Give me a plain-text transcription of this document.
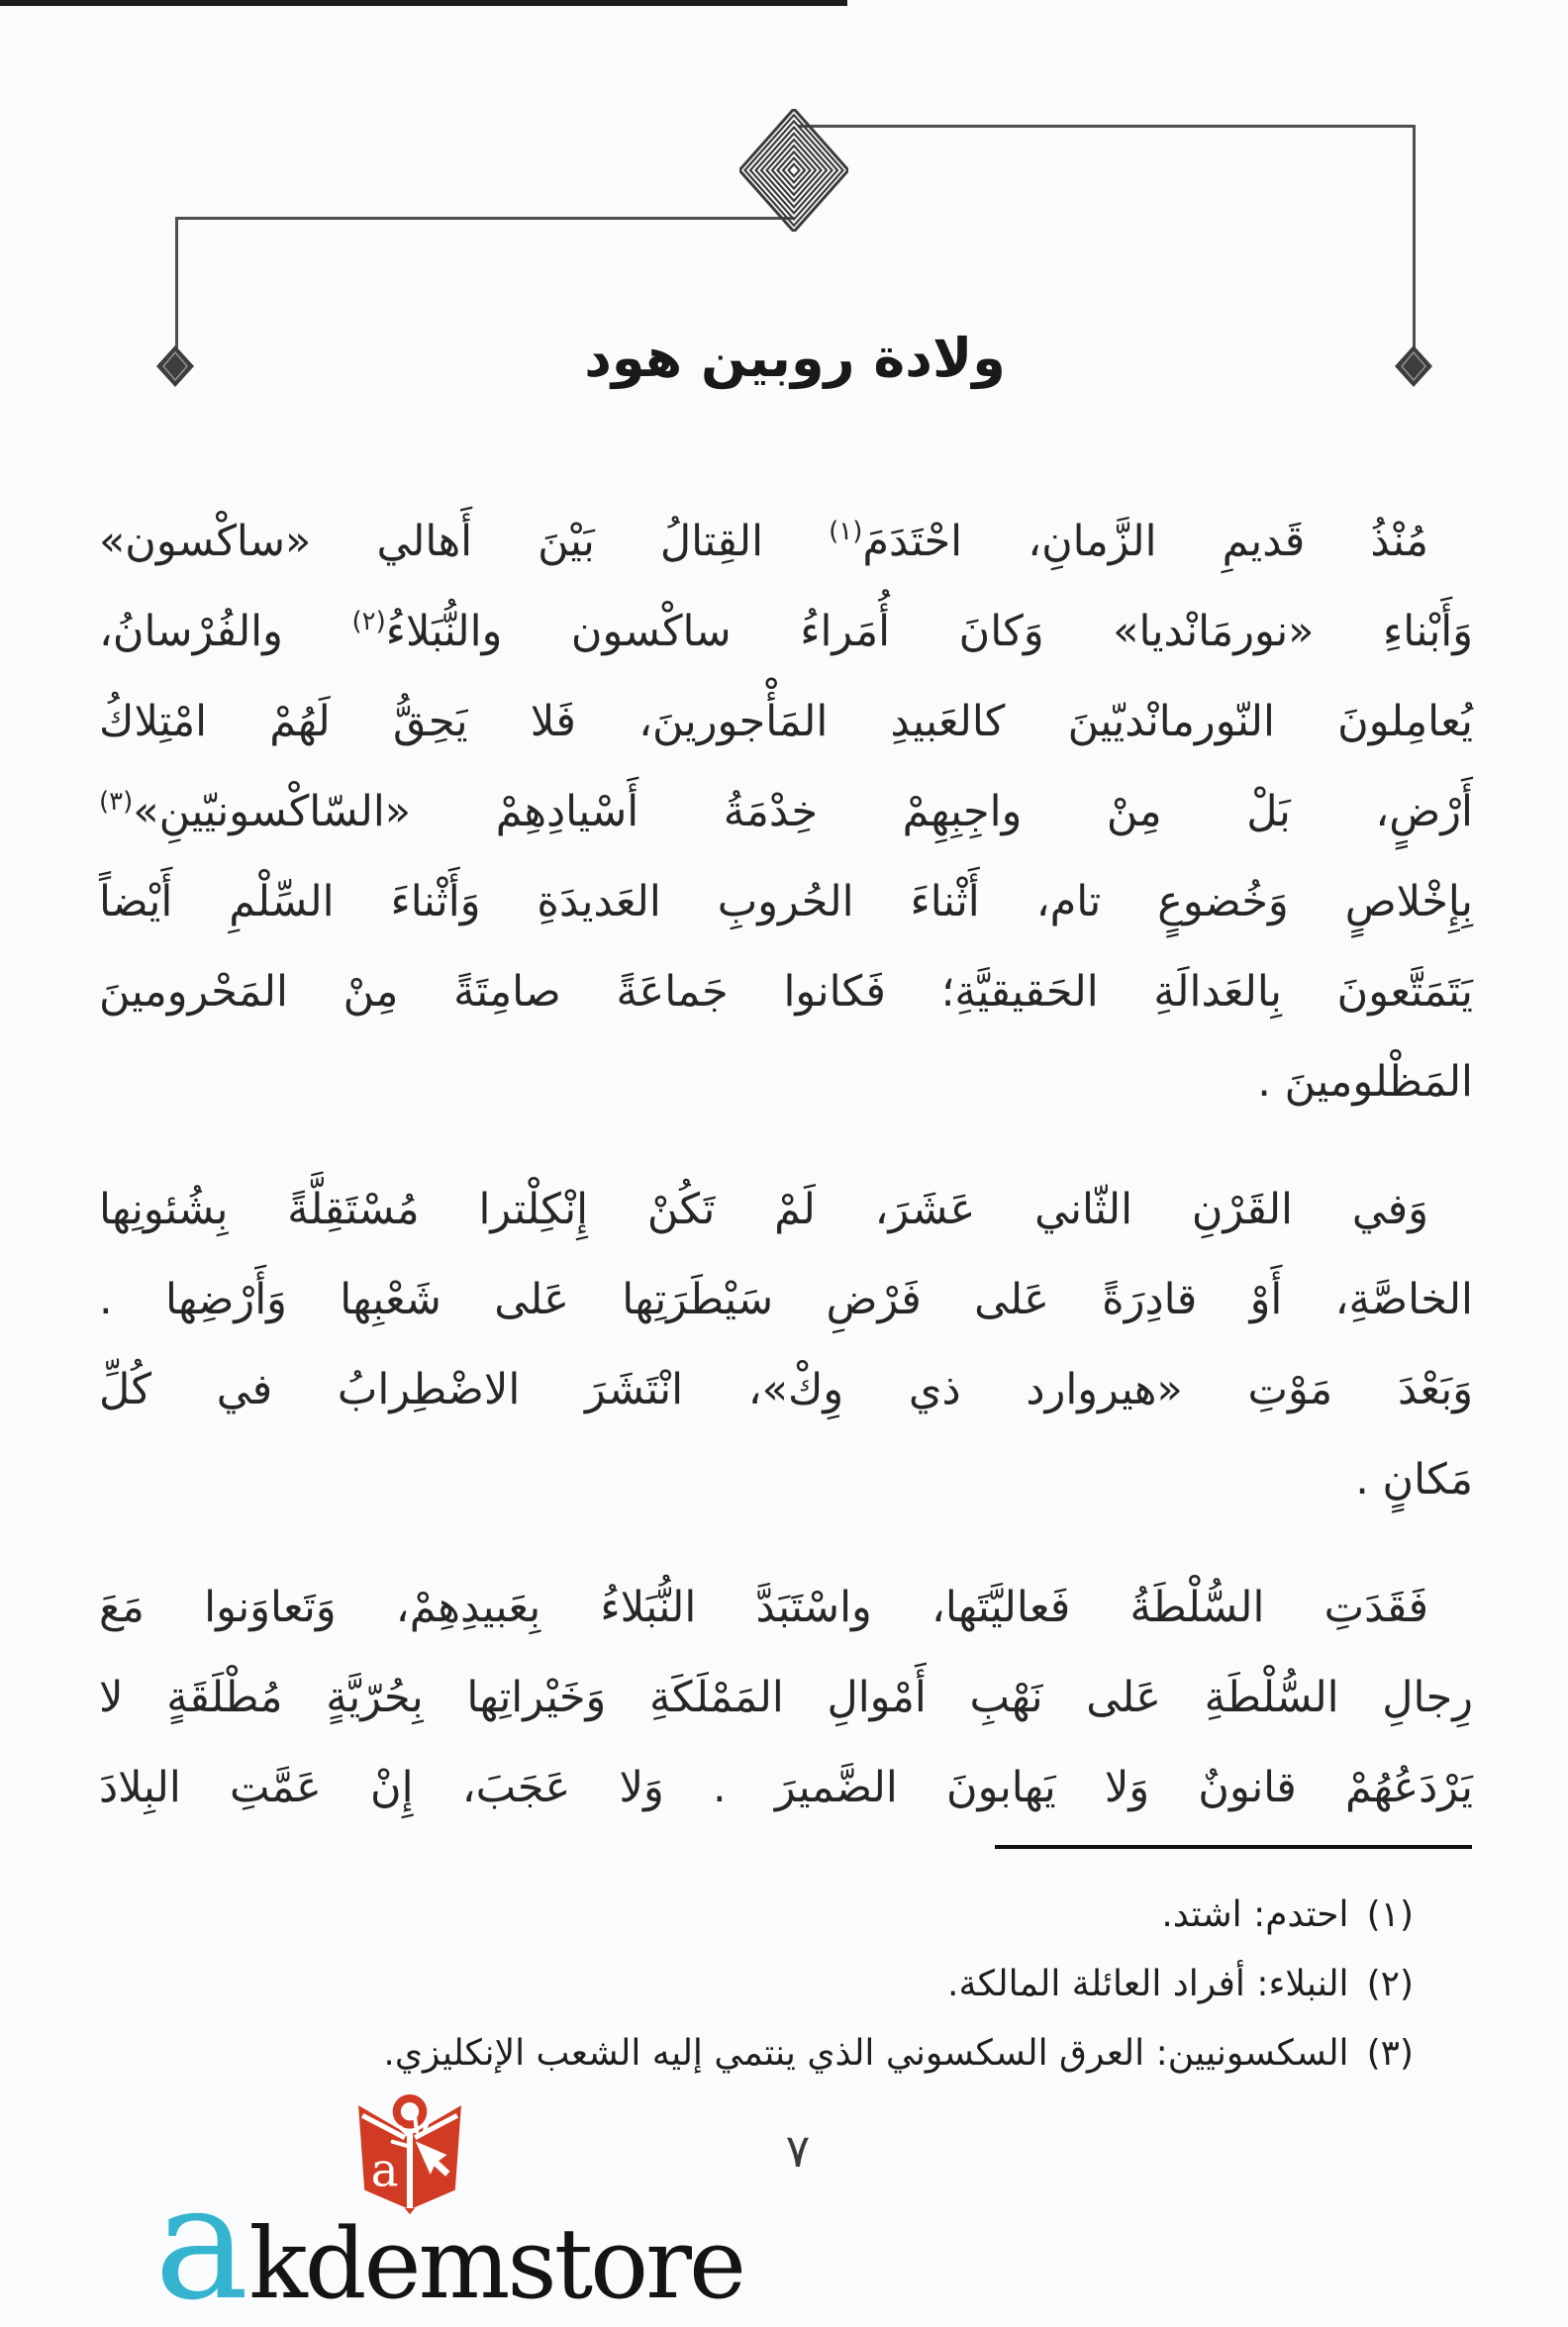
ولادة روبين هود
مُنْذُ قَديمِ الزَّمانِ، احْتَدَمَ$^{(١)}$ القِتالُ بَيْنَ أَهالي «ساكْسون»
وَأَبْناءِ «نورمَانْديا» وَكانَ أُمَراءُ ساكْسون والنُّبَلاءُ$^{(٢)}$ والفُرْسانُ،
يُعامِلونَ النّورمانْديّينَ كالعَبيدِ المَأْجورينَ، فَلا يَحِقُّ لَهُمْ امْتِلاكُ
أَرْضٍ، بَلْ مِنْ واجِبِهِمْ خِدْمَةُ أَسْيادِهِمْ «السّاكْسونيّينِ»$^{(٣)}$
بِإِخْلاصٍ وَخُضوعٍ تام، أَثْناءَ الحُروبِ العَديدَةِ وَأَثْناءَ السِّلْمِ أَيْضاً
يَتَمَتَّعونَ بِالعَدالَةِ الحَقيقيَّةِ؛ فَكانوا جَماعَةً صامِتَةً مِنْ المَحْرومينَ
المَظْلومينَ .
وَفي القَرْنِ الثّاني عَشَرَ، لَمْ تَكُنْ إِنْكِلْترا مُسْتَقِلَّةً بِشُئونِها
الخاصَّةِ، أَوْ قادِرَةً عَلى فَرْضِ سَيْطَرَتِها عَلى شَعْبِها وَأَرْضِها .
وَبَعْدَ مَوْتِ «هيروارد ذي وِكْ»، انْتَشَرَ الاضْطِرابُ في كُلِّ
مَكانٍ .
فَقَدَتِ السُّلْطَةُ فَعاليَّتَها، واسْتَبَدَّ النُّبَلاءُ بِعَبيدِهِمْ، وَتَعاوَنوا مَعَ
رِجالِ السُّلْطَةِ عَلى نَهْبِ أَمْوالِ المَمْلَكَةِ وَخَيْراتِها بِحُرّيَّةٍ مُطْلَقَةٍ لا
يَرْدَعُهُمْ قانونٌ وَلا يَهابونَ الضَّميرَ . وَلا عَجَبَ، إِنْ عَمَّتِ البِلادَ
(١)احتدم: اشتد.
(٢)النبلاء: أفراد العائلة المالكة.
(٣)السكسونيين: العرق السكسوني الذي ينتمي إليه الشعب الإنكليزي.
٧
a
akdemstore
